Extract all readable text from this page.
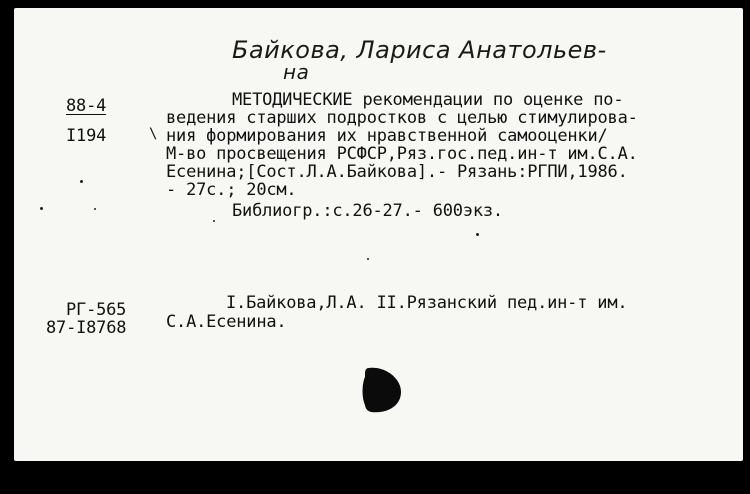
Байкова, Лариса Анатольев-
на
88-4
I194
МЕТОДИЧЕСКИЕ рекомендации по оценке по-
ведения старших подростков с целью стимулирова-
ния формирования их нравственной самооценки/
М-во просвещения РСФСР,Ряз.гос.пед.ин-т им.С.А.
Есенина;[Сост.Л.А.Байкова].- Рязань:РГПИ,1986.
- 27с.; 20см.
Библиогр.:с.26-27.- 600экз.
РГ-565
87-I8768
I.Байкова,Л.А. II.Рязанский пед.ин-т им.
С.А.Есенина.
\
